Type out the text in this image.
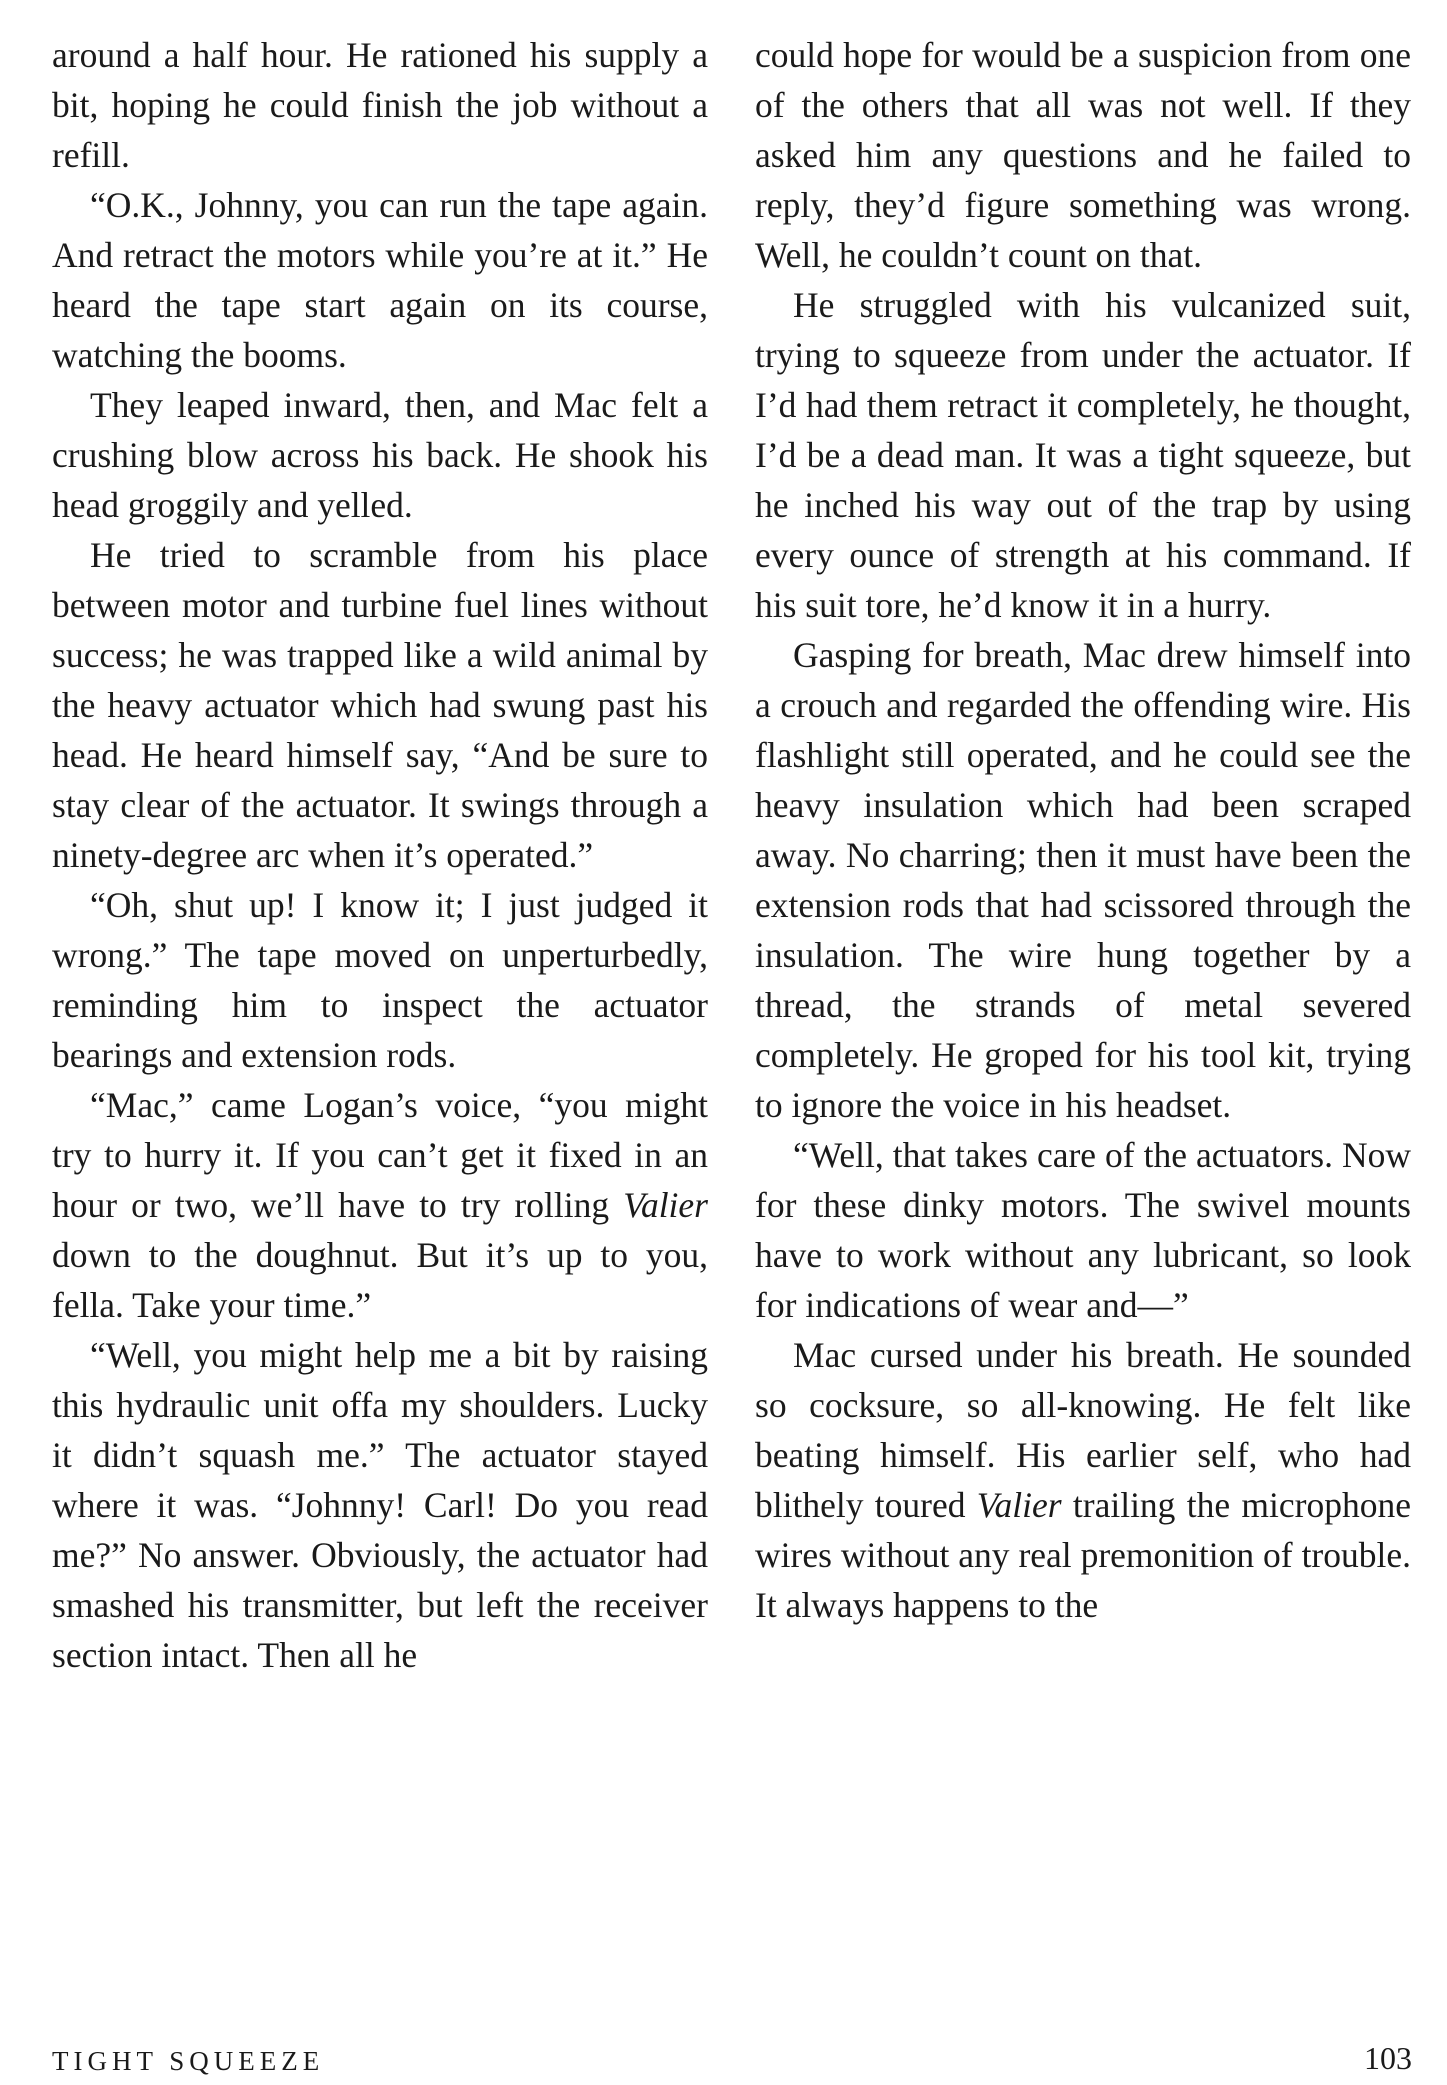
around a half hour. He rationed his supply a bit, hoping he could finish the job without a refill.

“O.K., Johnny, you can run the tape again. And retract the motors while you’re at it.” He heard the tape start again on its course, watching the booms.

They leaped inward, then, and Mac felt a crushing blow across his back. He shook his head groggily and yelled.

He tried to scramble from his place between motor and turbine fuel lines without success; he was trapped like a wild animal by the heavy actuator which had swung past his head. He heard himself say, “And be sure to stay clear of the actuator. It swings through a ninety-degree arc when it’s operated.”

“Oh, shut up! I know it; I just judged it wrong.” The tape moved on unperturbedly, reminding him to inspect the actuator bearings and extension rods.

“Mac,” came Logan’s voice, “you might try to hurry it. If you can’t get it fixed in an hour or two, we’ll have to try rolling Valier down to the doughnut. But it’s up to you, fella. Take your time.”

“Well, you might help me a bit by raising this hydraulic unit offa my shoulders. Lucky it didn’t squash me.” The actuator stayed where it was. “Johnny! Carl! Do you read me?” No answer. Obviously, the actuator had smashed his transmitter, but left the receiver section intact. Then all he

could hope for would be a suspicion from one of the others that all was not well. If they asked him any questions and he failed to reply, they’d figure something was wrong. Well, he couldn’t count on that.

He struggled with his vulcanized suit, trying to squeeze from under the actuator. If I’d had them retract it completely, he thought, I’d be a dead man. It was a tight squeeze, but he inched his way out of the trap by using every ounce of strength at his command. If his suit tore, he’d know it in a hurry.

Gasping for breath, Mac drew himself into a crouch and regarded the offending wire. His flashlight still operated, and he could see the heavy insulation which had been scraped away. No charring; then it must have been the extension rods that had scissored through the insulation. The wire hung together by a thread, the strands of metal severed completely. He groped for his tool kit, trying to ignore the voice in his headset.

“Well, that takes care of the actuators. Now for these dinky motors. The swivel mounts have to work without any lubricant, so look for indications of wear and—”

Mac cursed under his breath. He sounded so cocksure, so all-knowing. He felt like beating himself. His earlier self, who had blithely toured Valier trailing the microphone wires without any real premonition of trouble. It always happens to the

TIGHT SQUEEZE	103
